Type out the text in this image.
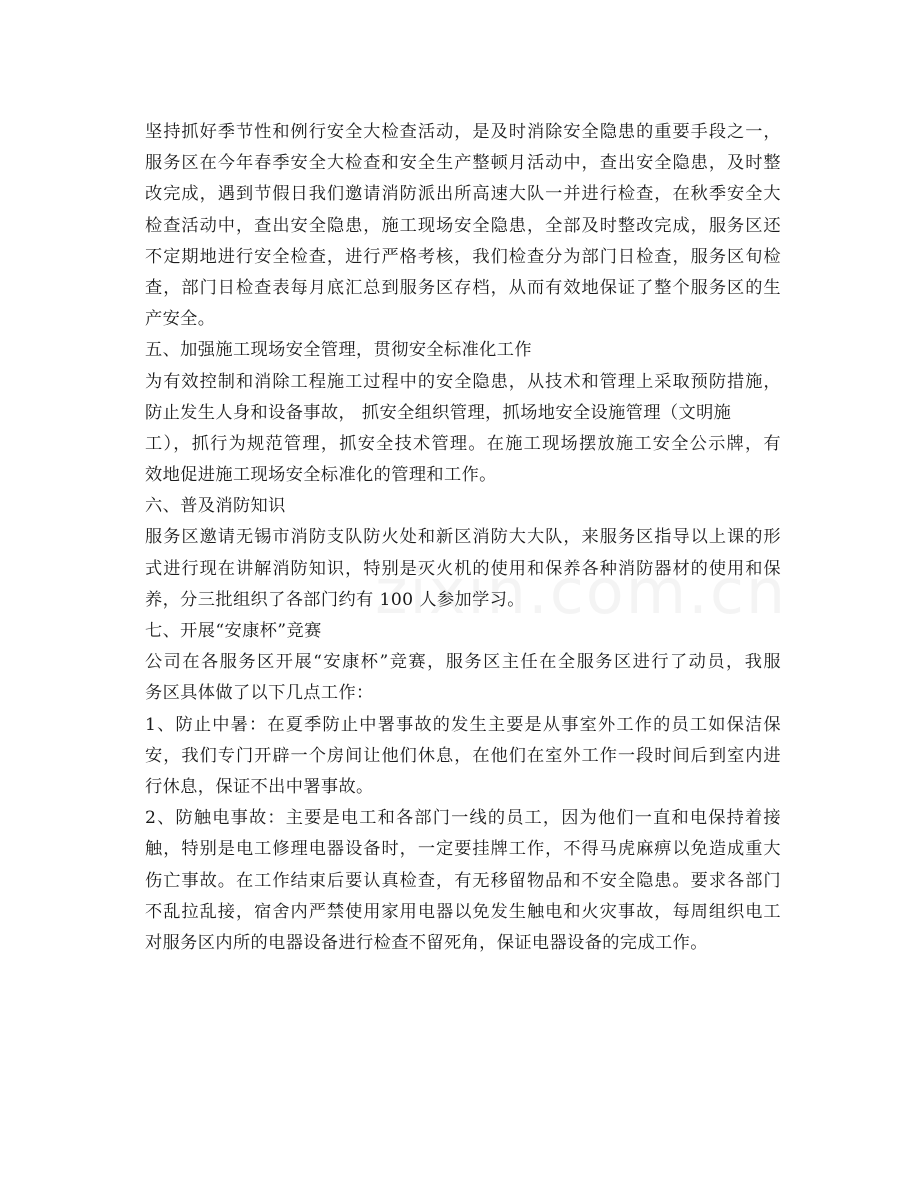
坚持抓好季节性和例行安全大检查活动，是及时消除安全隐患的重要手段之一，
服务区在今年春季安全大检查和安全生产整顿月活动中，查出安全隐患，及时整
改完成，遇到节假日我们邀请消防派出所高速大队一并进行检查，在秋季安全大
检查活动中，查出安全隐患，施工现场安全隐患，全部及时整改完成，服务区还
不定期地进行安全检查，进行严格考核，我们检查分为部门日检查，服务区旬检
查，部门日检查表每月底汇总到服务区存档，从而有效地保证了整个服务区的生
产安全。
五、加强施工现场安全管理，贯彻安全标准化工作
为有效控制和消除工程施工过程中的安全隐患，从技术和管理上采取预防措施，
防止发生人身和设备事故， 抓安全组织管理，抓场地安全设施管理（文明施
工），抓行为规范管理，抓安全技术管理。在施工现场摆放施工安全公示牌，有
效地促进施工现场安全标准化的管理和工作。
六、普及消防知识
服务区邀请无锡市消防支队防火处和新区消防大大队，来服务区指导以上课的形
式进行现在讲解消防知识，特别是灭火机的使用和保养各种消防器材的使用和保
养，分三批组织了各部门约有 100 人参加学习。
七、开展“安康杯”竞赛
公司在各服务区开展“安康杯”竞赛，服务区主任在全服务区进行了动员，我服
务区具体做了以下几点工作：
1、防止中暑：在夏季防止中署事故的发生主要是从事室外工作的员工如保洁保
安，我们专门开辟一个房间让他们休息，在他们在室外工作一段时间后到室内进
行休息，保证不出中署事故。
2、防触电事故：主要是电工和各部门一线的员工，因为他们一直和电保持着接
触，特别是电工修理电器设备时，一定要挂牌工作，不得马虎麻痹以免造成重大
伤亡事故。在工作结束后要认真检查，有无移留物品和不安全隐患。要求各部门
不乱拉乱接，宿舍内严禁使用家用电器以免发生触电和火灾事故，每周组织电工
对服务区内所的电器设备进行检查不留死角，保证电器设备的完成工作。
